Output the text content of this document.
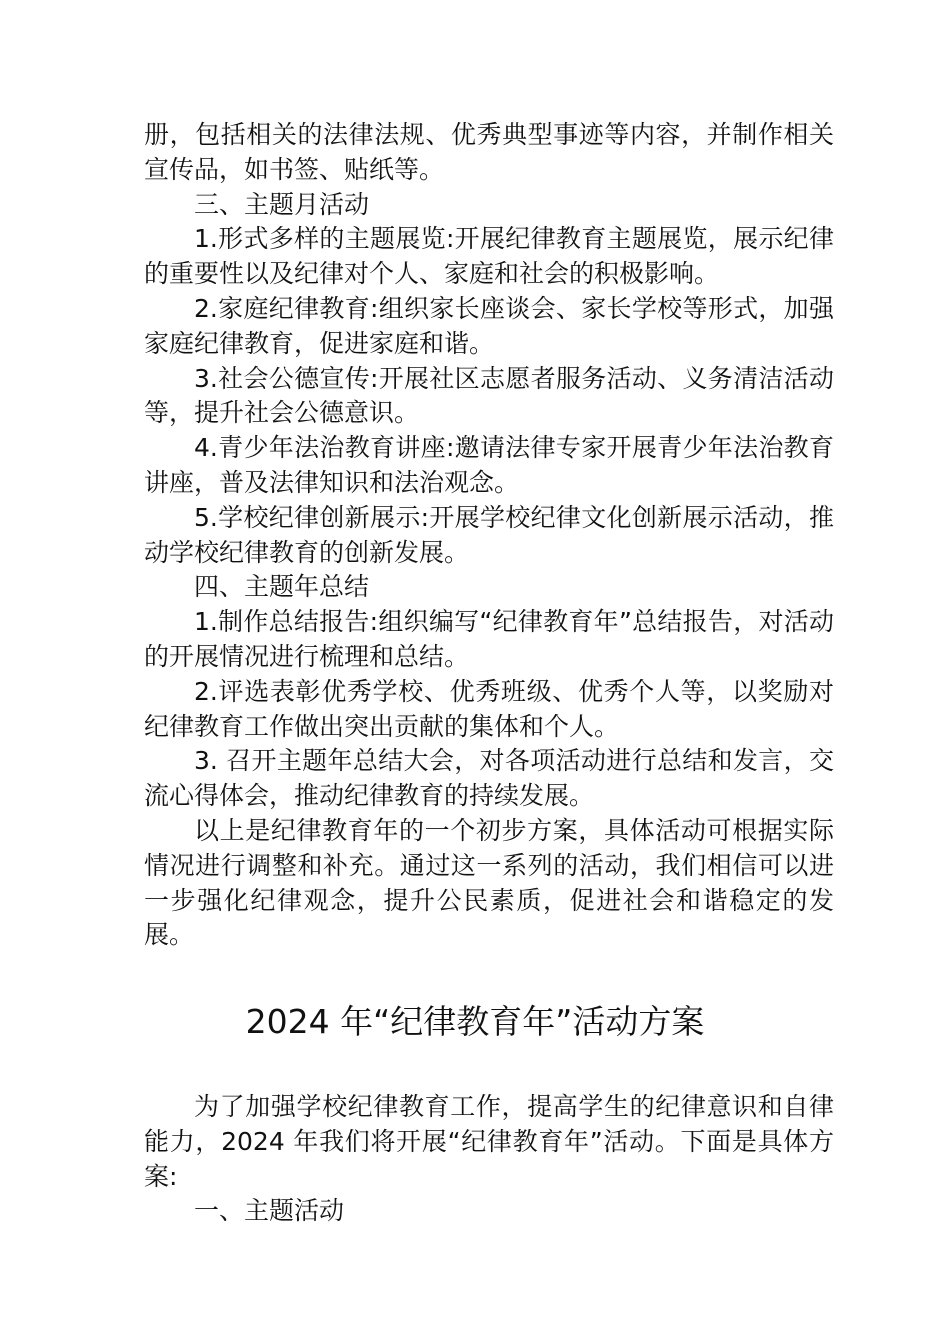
册，包括相关的法律法规、优秀典型事迹等内容，并制作相关宣传品，如书签、贴纸等。

三、主题月活动

1.形式多样的主题展览:开展纪律教育主题展览，展示纪律的重要性以及纪律对个人、家庭和社会的积极影响。

2.家庭纪律教育:组织家长座谈会、家长学校等形式，加强家庭纪律教育，促进家庭和谐。

3.社会公德宣传:开展社区志愿者服务活动、义务清洁活动等，提升社会公德意识。

4.青少年法治教育讲座:邀请法律专家开展青少年法治教育讲座，普及法律知识和法治观念。

5.学校纪律创新展示:开展学校纪律文化创新展示活动，推动学校纪律教育的创新发展。

四、主题年总结

1.制作总结报告:组织编写“纪律教育年”总结报告，对活动的开展情况进行梳理和总结。

2.评选表彰优秀学校、优秀班级、优秀个人等，以奖励对纪律教育工作做出突出贡献的集体和个人。

3. 召开主题年总结大会，对各项活动进行总结和发言，交流心得体会，推动纪律教育的持续发展。

以上是纪律教育年的一个初步方案，具体活动可根据实际情况进行调整和补充。通过这一系列的活动，我们相信可以进一步强化纪律观念，提升公民素质，促进社会和谐稳定的发展。

2024 年“纪律教育年”活动方案

为了加强学校纪律教育工作，提高学生的纪律意识和自律能力，2024 年我们将开展“纪律教育年”活动。下面是具体方案:

一、主题活动
